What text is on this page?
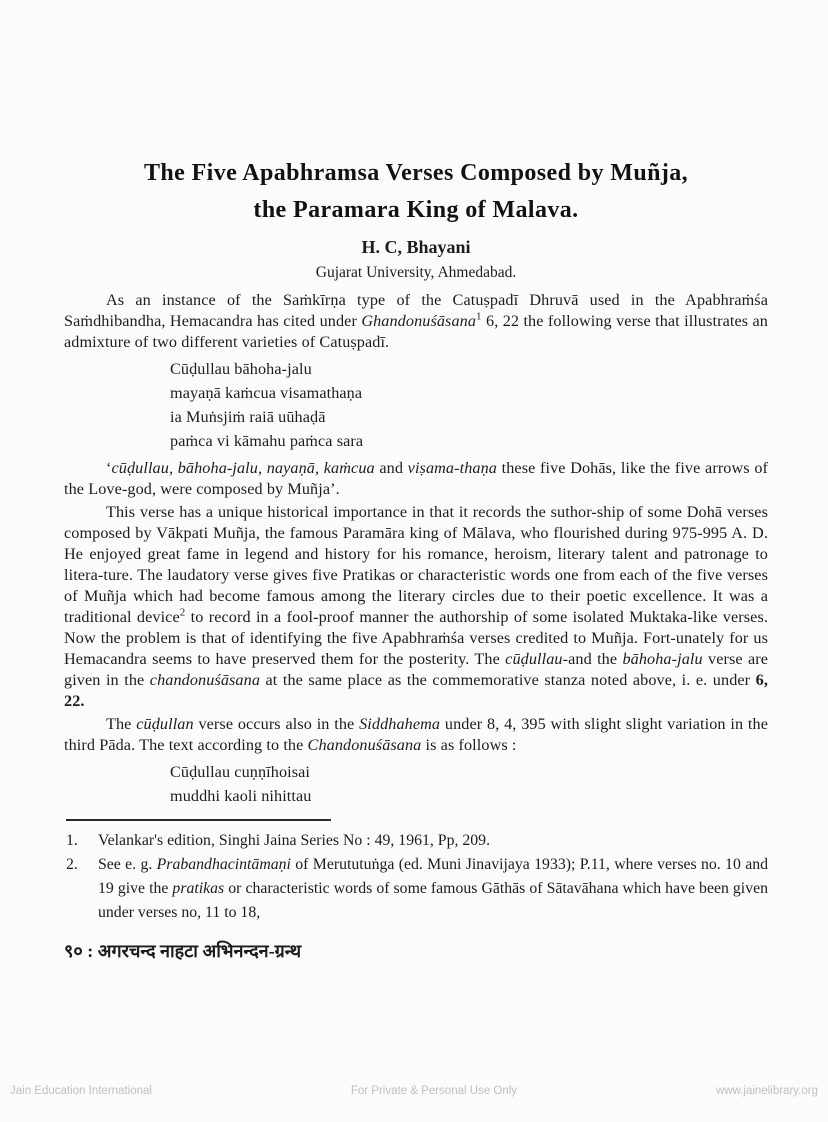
The Five Apabhramsa Verses Composed by Muñja,
the Paramara King of Malava.
H. C, Bhayani
Gujarat University, Ahmedabad.

As an instance of the Saṁkīrṇa type of the Catuṣpadī Dhruvā used in the Apabhraṁśa Saṁdhibandha, Hemacandra has cited under Ghandonuśāsana$^1$ 6, 22 the following verse that illustrates an admixture of two different varieties of Catuṣpadī.

Cūḍullau bāhoha-jalu
mayaṇā kaṁcua visamathaṇa
ia Muṅsjiṁ raiā uūhaḍā
paṁca vi kāmahu paṁca sara

‘cūḍullau, bāhoha-jalu, nayaṇā, kaṁcua and viṣama-thaṇa these five Dohās, like the five arrows of the Love-god, were composed by Muñja’.

This verse has a unique historical importance in that it records the suthor-ship of some Dohā verses composed by Vākpati Muñja, the famous Paramāra king of Mālava, who flourished during 975-995 A. D. He enjoyed great fame in legend and history for his romance, heroism, literary talent and patronage to litera-ture. The laudatory verse gives five Pratikas or characteristic words one from each of the five verses of Muñja which had become famous among the literary circles due to their poetic excellence. It was a traditional device$^2$ to record in a fool-proof manner the authorship of some isolated Muktaka-like verses. Now the problem is that of identifying the five Apabhraṁśa verses credited to Muñja. Fort-unately for us Hemacandra seems to have preserved them for the posterity. The cūḍullau-and the bāhoha-jalu verse are given in the chandonuśāsana at the same place as the commemorative stanza noted above, i. e. under 6, 22.

The cūḍullan verse occurs also in the Siddhahema under 8, 4, 395 with slight slight variation in the third Pāda. The text according to the Chandonuśāsana is as follows :

Cūḍullau cuṇṇīhoisai
muddhi kaoli nihittau
1.	Velankar's edition, Singhi Jaina Series No : 49, 1961, Pp, 209.
2.	See e. g. Prabandhacintāmaṇi of Merututuṅga (ed. Muni Jinavijaya 1933); P.11, where verses no. 10 and 19 give the pratikas or characteristic words of some famous Gāthās of Sātavāhana which have been given under verses no, 11 to 18,
९० : अगरचन्द नाहटा अभिनन्दन-ग्रन्थ
Jain Education International	For Private & Personal Use Only	www.jainelibrary.org
